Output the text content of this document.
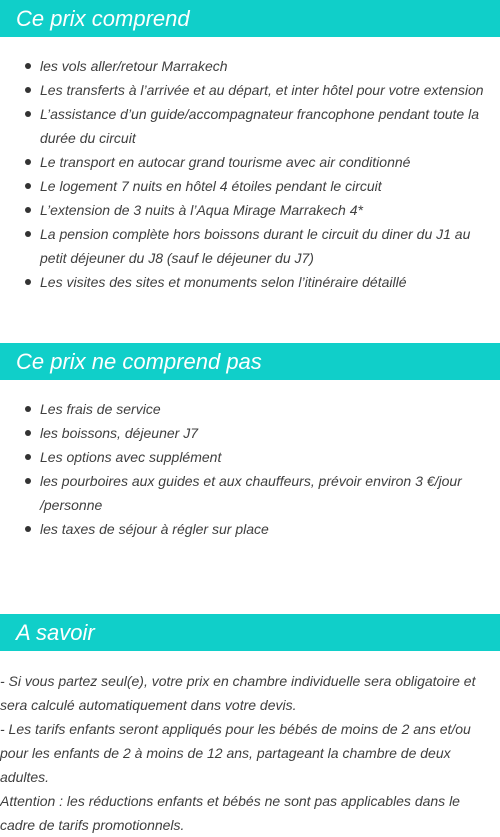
Ce prix comprend
les vols aller/retour Marrakech
Les transferts à l’arrivée et au départ, et inter hôtel pour votre extension
L’assistance d’un guide/accompagnateur francophone pendant toute la durée du circuit
Le transport en autocar grand tourisme avec air conditionné
Le logement 7 nuits en hôtel 4 étoiles pendant le circuit
L’extension de 3 nuits à l’Aqua Mirage Marrakech 4*
La pension complète hors boissons durant le circuit du diner du J1 au petit déjeuner du J8 (sauf le déjeuner du J7)
Les visites des sites et monuments selon l’itinéraire détaillé
Ce prix ne comprend pas
Les frais de service
les boissons, déjeuner J7
Les options avec supplément
les pourboires aux guides et aux chauffeurs, prévoir environ 3 €/jour /personne
les taxes de séjour à régler sur place
A savoir

- Si vous partez seul(e), votre prix en chambre individuelle sera obligatoire et sera calculé automatiquement dans votre devis.

- Les tarifs enfants seront appliqués pour les bébés de moins de 2 ans et/ou pour les enfants de 2 à moins de 12 ans, partageant la chambre de deux adultes.

Attention : les réductions enfants et bébés ne sont pas applicables dans le cadre de tarifs promotionnels.
